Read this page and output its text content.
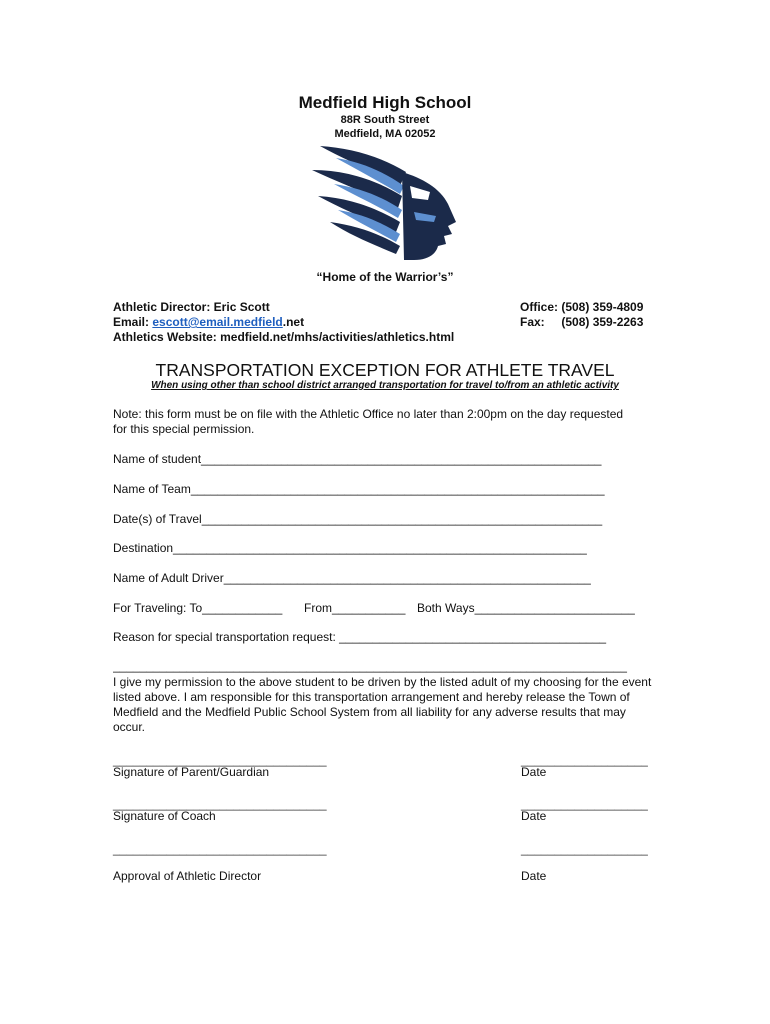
Medfield High School
88R South Street
Medfield, MA 02052
“Home of the Warrior’s”
Athletic Director: Eric Scott
Email: escott@email.medfield.net
Athletics Website: medfield.net/mhs/activities/athletics.html
Office: (508) 359-4809
Fax:     (508) 359-2263
TRANSPORTATION EXCEPTION FOR ATHLETE TRAVEL
When using other than school district arranged transportation for travel to/from an athletic activity
Note: this form must be on file with the Athletic Office no later than 2:00pm on the day requested
for this special permission.
Name of student____________________________________________________________
Name of Team______________________________________________________________
Date(s) of Travel____________________________________________________________
Destination______________________________________________________________
Name of Adult Driver_______________________________________________________
For Traveling: To____________ From___________ Both Ways________________________
Reason for special transportation request: ________________________________________
_____________________________________________________________________________
I give my permission to the above student to be driven by the listed adult of my choosing for the event listed above. I am responsible for this transportation arrangement and hereby release the Town of Medfield and the Medfield Public School System from all liability for any adverse results that may occur.
________________________________	___________________
Signature of Parent/Guardian	Date
________________________________	___________________
Signature of Coach	Date
________________________________	___________________
Approval of Athletic Director	Date
